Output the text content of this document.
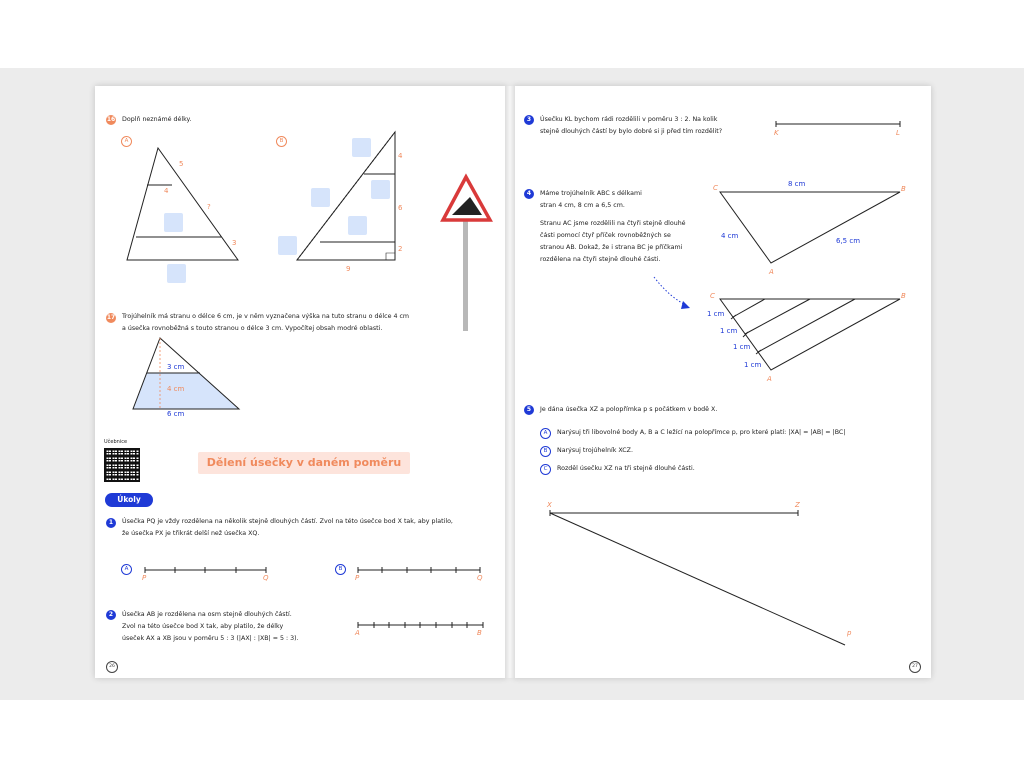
16 Doplň neznámé délky.
A	B
5
4
?
3
4
6
2
9
17 Trojúhelník má stranu o délce 6 cm, je v něm vyznačena výška na tuto stranu o délce 4 cm
a úsečka rovnoběžná s touto stranou o délce 3 cm. Vypočítej obsah modré oblasti.
3 cm
4 cm
6 cm
Učebnice
Dělení úsečky v daném poměru
Úkoly
1	Úsečka PQ je vždy rozdělena na několik stejně dlouhých částí. Zvol na této úsečce bod X tak, aby platilo,
že úsečka PX je třikrát delší než úsečka XQ.
A	B
P	Q	P	Q
2	Úsečka AB je rozdělena na osm stejně dlouhých částí.
Zvol na této úsečce bod X tak, aby platilo, že délky
úseček AX a XB jsou v poměru 5 : 3 (|AX| : |XB| = 5 : 3).
A	B
26
3	Úsečku KL bychom rádi rozdělili v poměru 3 : 2. Na kolik
stejně dlouhých částí by bylo dobré si ji před tím rozdělit?	K	L
4	Máme trojúhelník ABC s délkami
stran 4 cm, 8 cm a 6,5 cm.
Stranu AC jsme rozdělili na čtyři stejně dlouhé
části pomocí čtyř příček rovnoběžných se
stranou AB. Dokaž, že i strana BC je příčkami
rozdělena na čtyři stejně dlouhé části.
C	B
A
8 cm
4 cm
6,5 cm
C	B
A
1 cm
1 cm
1 cm
1 cm
5	Je dána úsečka XZ a polopřímka p s počátkem v bodě X.
A	Narýsuj tři libovolné body A, B a C ležící na polopřímce p, pro které platí: |XA| = |AB| = |BC|
B	Narýsuj trojúhelník XCZ.
C	Rozděl úsečku XZ na tři stejně dlouhé části.
X	Z
p
27
